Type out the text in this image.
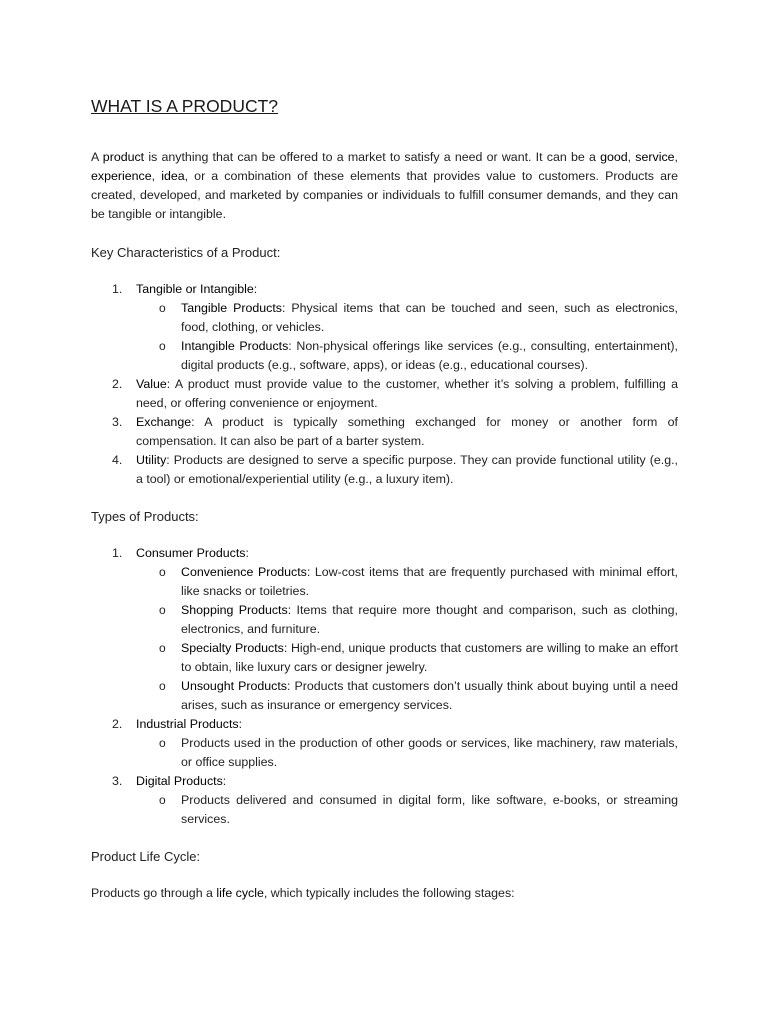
WHAT IS A PRODUCT?

A product is anything that can be offered to a market to satisfy a need or want. It can be a good, service, experience, idea, or a combination of these elements that provides value to customers. Products are created, developed, and marketed by companies or individuals to fulfill consumer demands, and they can be tangible or intangible.

Key Characteristics of a Product:

1. Tangible or Intangible:
o Tangible Products: Physical items that can be touched and seen, such as electronics, food, clothing, or vehicles.
o Intangible Products: Non-physical offerings like services (e.g., consulting, entertainment), digital products (e.g., software, apps), or ideas (e.g., educational courses).
2. Value: A product must provide value to the customer, whether it’s solving a problem, fulfilling a need, or offering convenience or enjoyment.
3. Exchange: A product is typically something exchanged for money or another form of compensation. It can also be part of a barter system.
4. Utility: Products are designed to serve a specific purpose. They can provide functional utility (e.g., a tool) or emotional/experiential utility (e.g., a luxury item).

Types of Products:

1. Consumer Products:
o Convenience Products: Low-cost items that are frequently purchased with minimal effort, like snacks or toiletries.
o Shopping Products: Items that require more thought and comparison, such as clothing, electronics, and furniture.
o Specialty Products: High-end, unique products that customers are willing to make an effort to obtain, like luxury cars or designer jewelry.
o Unsought Products: Products that customers don’t usually think about buying until a need arises, such as insurance or emergency services.
2. Industrial Products:
o Products used in the production of other goods or services, like machinery, raw materials, or office supplies.
3. Digital Products:
o Products delivered and consumed in digital form, like software, e-books, or streaming services.

Product Life Cycle:

Products go through a life cycle, which typically includes the following stages:
